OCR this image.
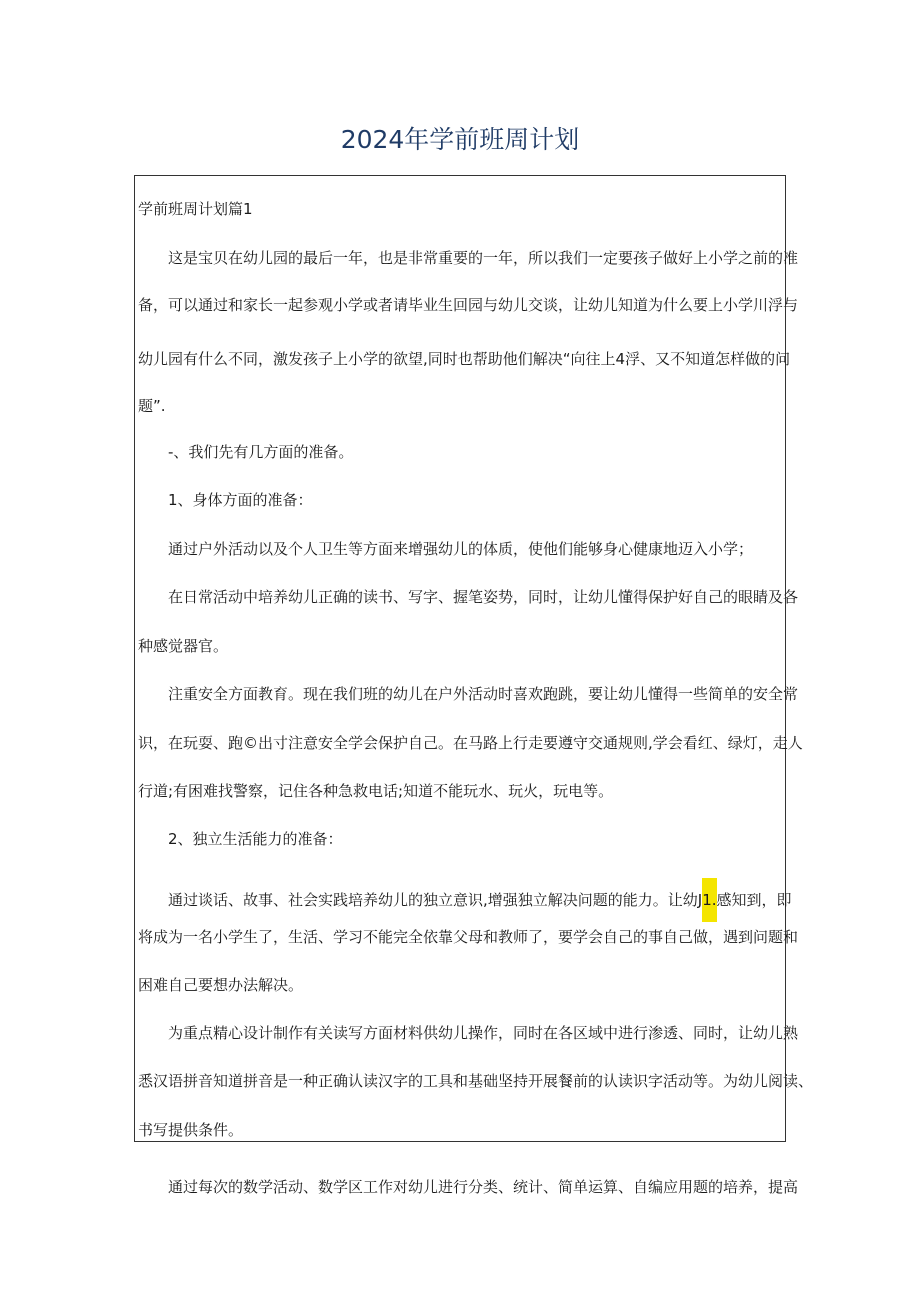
2024年学前班周计划

学前班周计划篇1

这是宝贝在幼儿园的最后一年，也是非常重要的一年，所以我们一定要孩子做好上小学之前的准

备，可以通过和家长一起参观小学或者请毕业生回园与幼儿交谈，让幼儿知道为什么要上小学川浮与

幼儿园有什么不同，激发孩子上小学的欲望,同时也帮助他们解决“向往上4浮、又不知道怎样做的问

题”.

-、我们先有几方面的准备。

1、身体方面的准备：

通过户外活动以及个人卫生等方面来增强幼儿的体质，使他们能够身心健康地迈入小学；

在日常活动中培养幼儿正确的读书、写字、握笔姿势，同时，让幼儿懂得保护好自己的眼睛及各

种感觉器官。

注重安全方面教育。现在我们班的幼儿在户外活动时喜欢跑跳，要让幼儿懂得一些简单的安全常

识，在玩耍、跑©出寸注意安全学会保护自己。在马路上行走要遵守交通规则,学会看红、绿灯，走人

行道;有困难找警察，记住各种急救电话;知道不能玩水、玩火，玩电等。

2、独立生活能力的准备：

通过谈话、故事、社会实践培养幼儿的独立意识,增强独立解决问题的能力。让幼J1.感知到，即

将成为一名小学生了，生活、学习不能完全依靠父母和教师了，要学会自己的事自己做，遇到问题和

困难自己要想办法解决。

为重点精心设计制作有关读写方面材料供幼儿操作，同时在各区域中进行渗透、同时，让幼儿熟

悉汉语拼音知道拼音是一种正确认读汉字的工具和基础坚持开展餐前的认读识字活动等。为幼儿阅读、

书写提供条件。

通过每次的数学活动、数学区工作对幼儿进行分类、统计、简单运算、自编应用题的培养，提高
